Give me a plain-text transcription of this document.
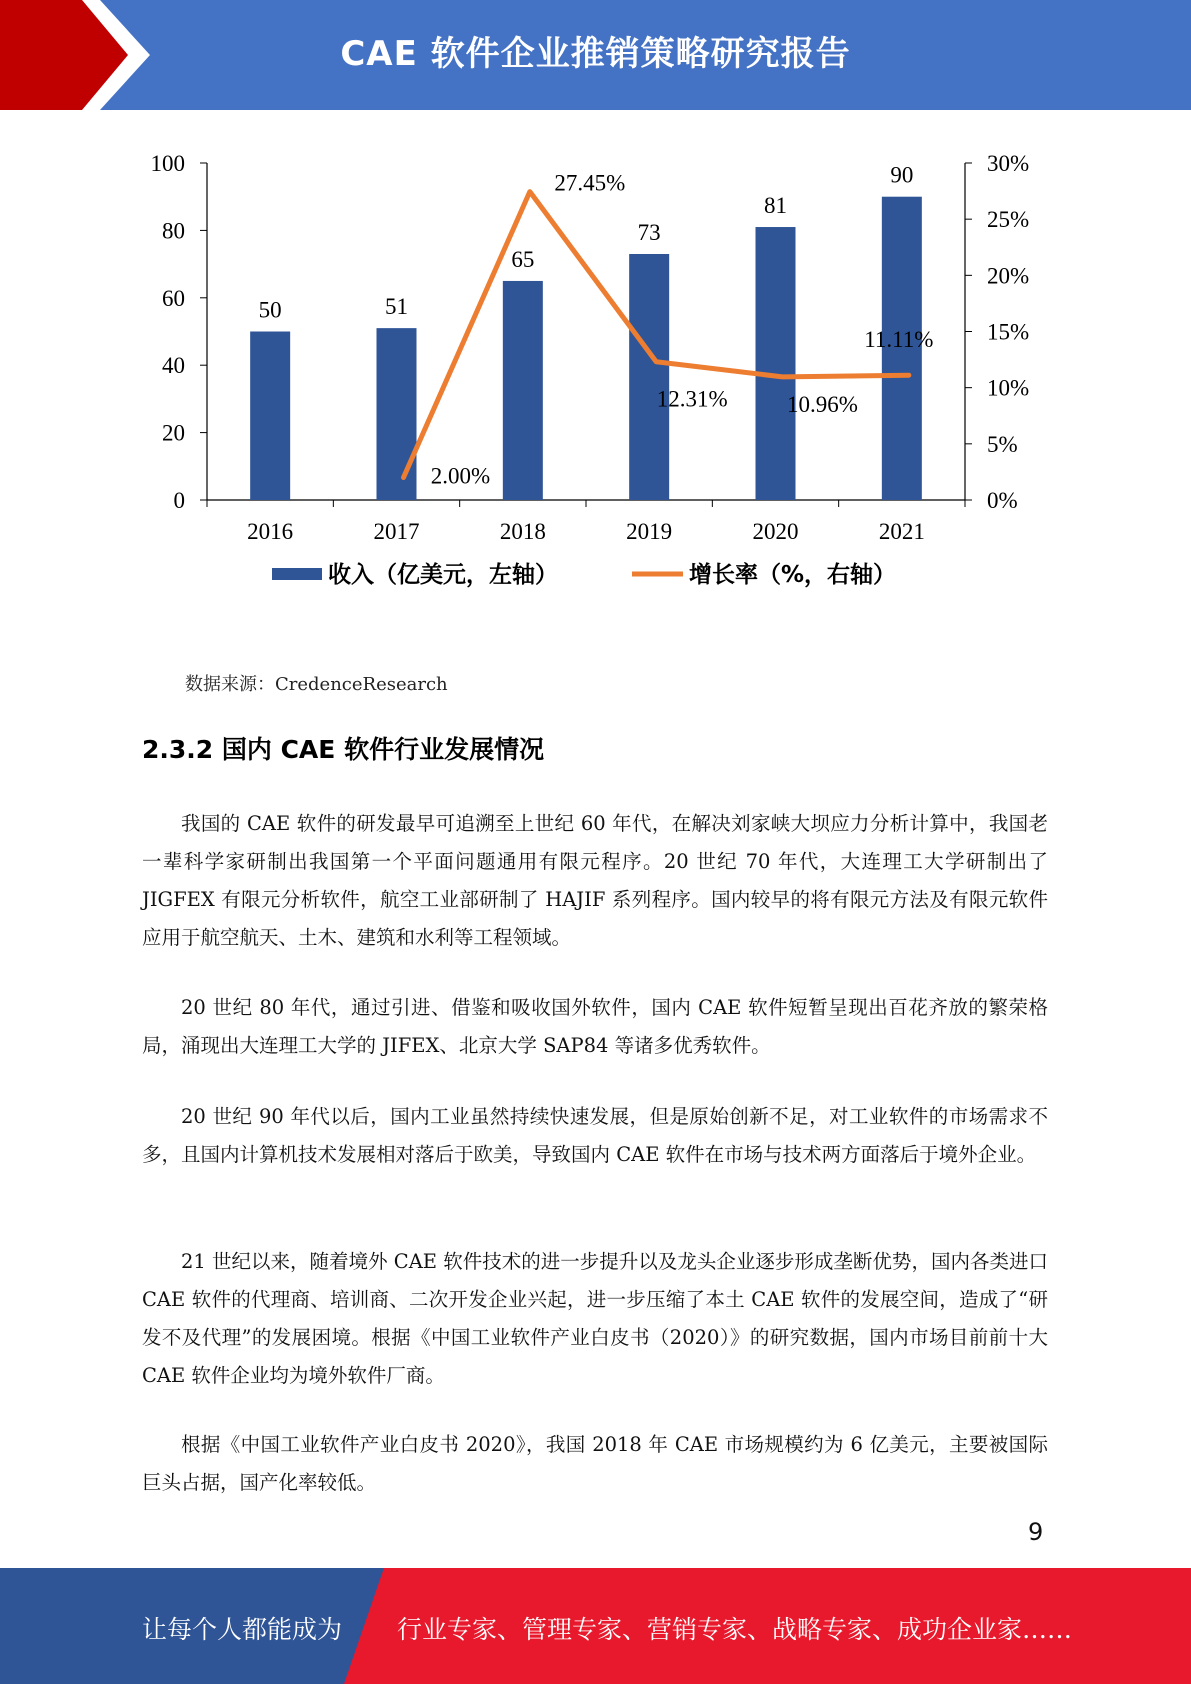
CAE 软件企业推销策略研究报告
0
20
40
60
80
100
0%
5%
10%
15%
20%
25%
30%
2016	2017	2018	2019	2020	2021
50	51
65
73
81
90
2.00%
27.45%
12.31%	10.96%
11.11%
收入（亿美元，左轴）	增长率（%，右轴）
数据来源：CredenceResearch
2.3.2 国内 CAE 软件行业发展情况

我国的 CAE 软件的研发最早可追溯至上世纪 60 年代，在解决刘家峡大坝应力分析计算中，我国老一辈科学家研制出我国第一个平面问题通用有限元程序。20 世纪 70 年代，大连理工大学研制出了 JIGFEX 有限元分析软件，航空工业部研制了 HAJIF 系列程序。国内较早的将有限元方法及有限元软件应用于航空航天、土木、建筑和水利等工程领域。

20 世纪 80 年代，通过引进、借鉴和吸收国外软件，国内 CAE 软件短暂呈现出百花齐放的繁荣格局，涌现出大连理工大学的 JIFEX、北京大学 SAP84 等诸多优秀软件。

20 世纪 90 年代以后，国内工业虽然持续快速发展，但是原始创新不足，对工业软件的市场需求不多，且国内计算机技术发展相对落后于欧美，导致国内 CAE 软件在市场与技术两方面落后于境外企业。

21 世纪以来，随着境外 CAE 软件技术的进一步提升以及龙头企业逐步形成垄断优势，国内各类进口 CAE 软件的代理商、培训商、二次开发企业兴起，进一步压缩了本土 CAE 软件的发展空间，造成了“研发不及代理”的发展困境。根据《中国工业软件产业白皮书（2020）》的研究数据，国内市场目前前十大 CAE 软件企业均为境外软件厂商。

根据《中国工业软件产业白皮书 2020》，我国 2018 年 CAE 市场规模约为 6 亿美元，主要被国际巨头占据，国产化率较低。

9
让每个人都能成为 行业专家、管理专家、营销专家、战略专家、成功企业家……
